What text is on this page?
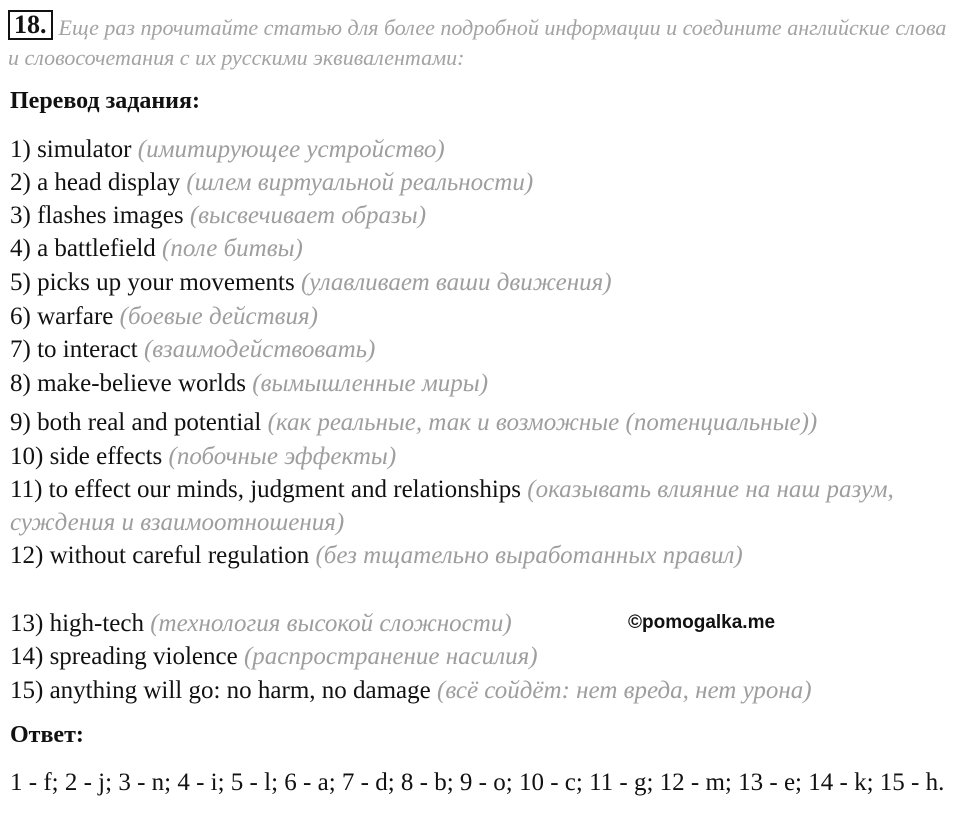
18. Еще раз прочитайте статью для более подробной информации и соедините английские слова и словосочетания с их русскими эквивалентами:
Перевод задания:
1) simulator (имитирующее устройство)
2) a head display (шлем виртуальной реальности)
3) flashes images (высвечивает образы)
4) a battlefield (поле битвы)
5) picks up your movements (улавливает ваши движения)
6) warfare (боевые действия)
7) to interact (взаимодействовать)
8) make-believe worlds (вымышленные миры)
9) both real and potential (как реальные, так и возможные (потенциальные))
10) side effects (побочные эффекты)
11) to effect our minds, judgment and relationships (оказывать влияние на наш разум, суждения и взаимоотношения)
12) without careful regulation (без тщательно выработанных правил)
13) high-tech (технология высокой сложности)
14) spreading violence (распространение насилия)
15) anything will go: no harm, no damage (всё сойдёт: нет вреда, нет урона)
©pomogalka.me
Ответ:
1 - f; 2 - j; 3 - n; 4 - i; 5 - l; 6 - a; 7 - d; 8 - b; 9 - o; 10 - c; 11 - g; 12 - m; 13 - e; 14 - k; 15 - h.
